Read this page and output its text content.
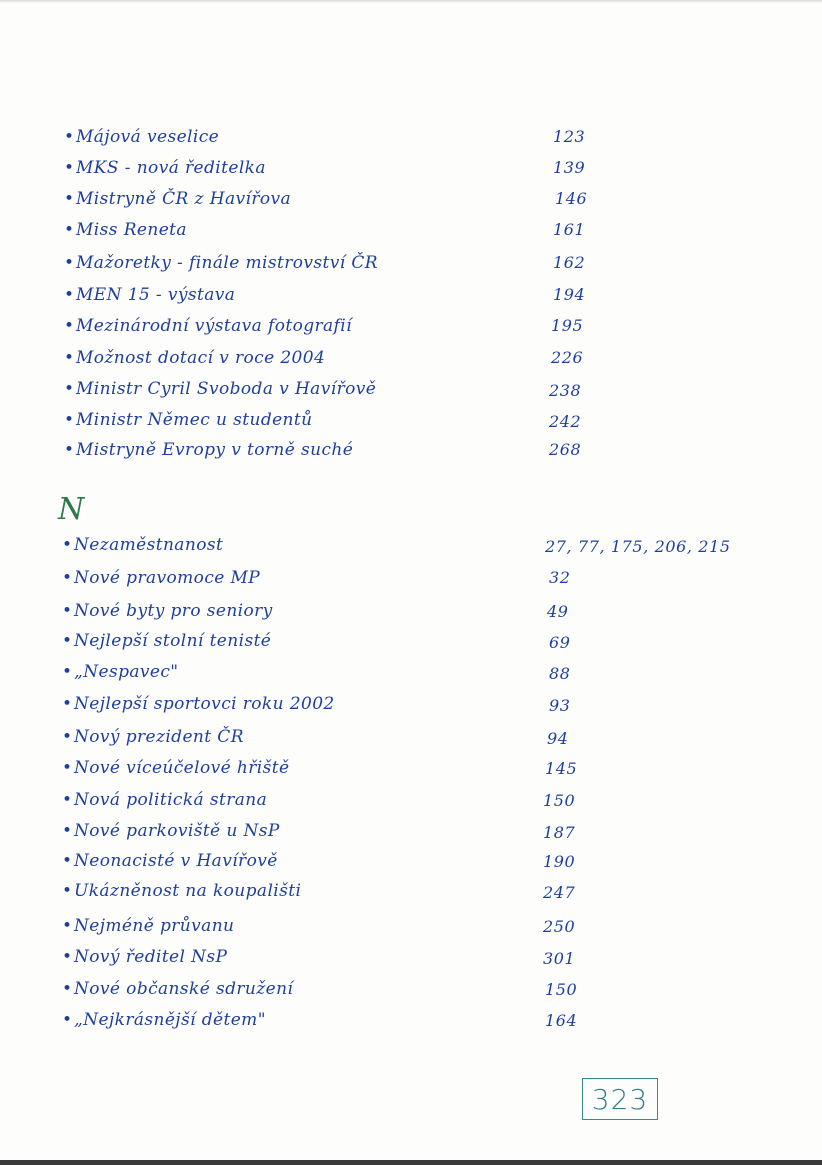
•Májová veselice	123
•MKS - nová ředitelka	139
•Mistryně ČR z Havířova	146
•Miss Reneta	161
•Mažoretky - finále mistrovství ČR	162
•MEN 15 - výstava	194
•Mezinárodní výstava fotografií	195
•Možnost dotací v roce 2004	226
•Ministr Cyril Svoboda v Havířově	238
•Ministr Němec u studentů	242
•Mistryně Evropy v torně suché	268
N
•Nezaměstnanost	27, 77, 175, 206, 215
•Nové pravomoce MP	32
•Nové byty pro seniory	49
•Nejlepší stolní tenisté	69
•„Nespavec"	88
•Nejlepší sportovci roku 2002	93
•Nový prezident ČR	94
•Nové víceúčelové hřiště	145
•Nová politická strana	150
•Nové parkoviště u NsP	187
•Neonacisté v Havířově	190
•Ukázněnost na koupališti	247
•Nejméně průvanu	250
•Nový ředitel NsP	301
•Nové občanské sdružení	150
•„Nejkrásnější dětem"	164
323
